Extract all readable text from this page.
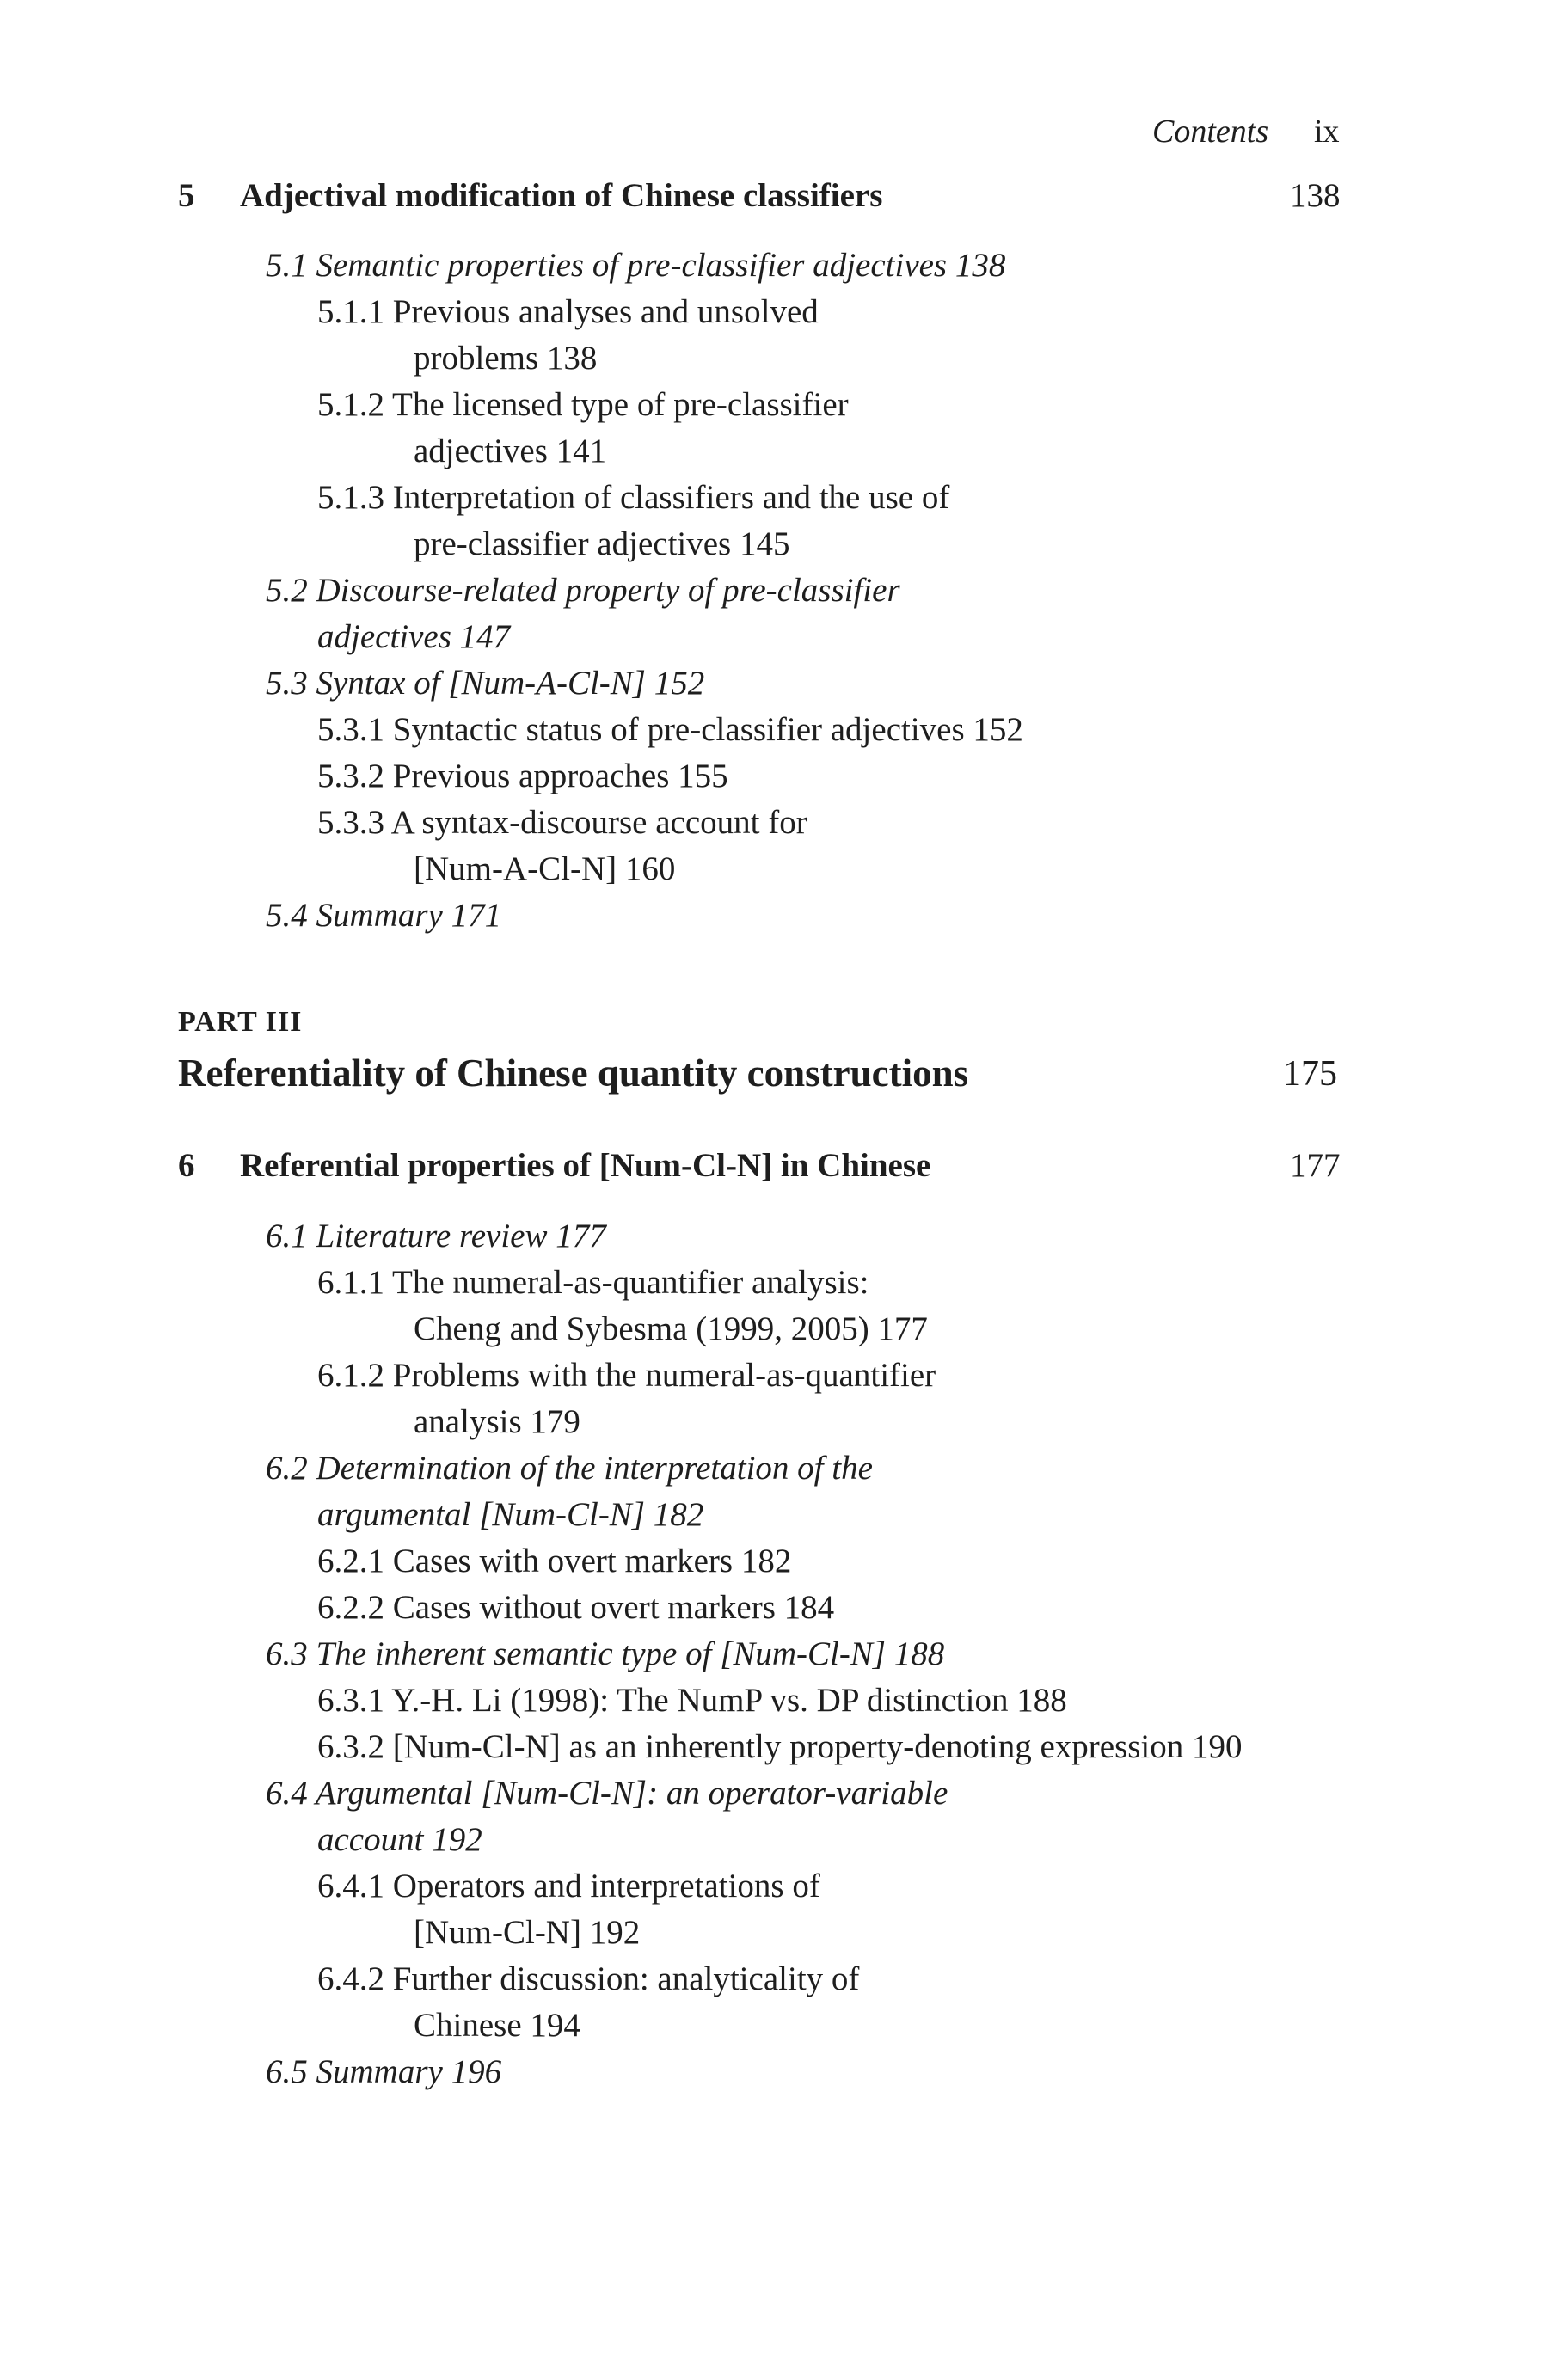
Contents ix
5 Adjectival modification of Chinese classifiers	138
5.1 Semantic properties of pre-classifier adjectives 138
5.1.1 Previous analyses and unsolved
problems 138
5.1.2 The licensed type of pre-classifier
adjectives 141
5.1.3 Interpretation of classifiers and the use of
pre-classifier adjectives 145
5.2 Discourse-related property of pre-classifier
adjectives 147
5.3 Syntax of [Num-A-Cl-N] 152
5.3.1 Syntactic status of pre-classifier adjectives 152
5.3.2 Previous approaches 155
5.3.3 A syntax-discourse account for
[Num-A-Cl-N] 160
5.4 Summary 171
PART III
Referentiality of Chinese quantity constructions	175
6 Referential properties of [Num-Cl-N] in Chinese	177
6.1 Literature review 177
6.1.1 The numeral-as-quantifier analysis:
Cheng and Sybesma (1999, 2005) 177
6.1.2 Problems with the numeral-as-quantifier
analysis 179
6.2 Determination of the interpretation of the
argumental [Num-Cl-N] 182
6.2.1 Cases with overt markers 182
6.2.2 Cases without overt markers 184
6.3 The inherent semantic type of [Num-Cl-N] 188
6.3.1 Y.-H. Li (1998): The NumP vs. DP distinction 188
6.3.2 [Num-Cl-N] as an inherently property-denoting expression 190
6.4 Argumental [Num-Cl-N]: an operator-variable
account 192
6.4.1 Operators and interpretations of
[Num-Cl-N] 192
6.4.2 Further discussion: analyticality of
Chinese 194
6.5 Summary 196
